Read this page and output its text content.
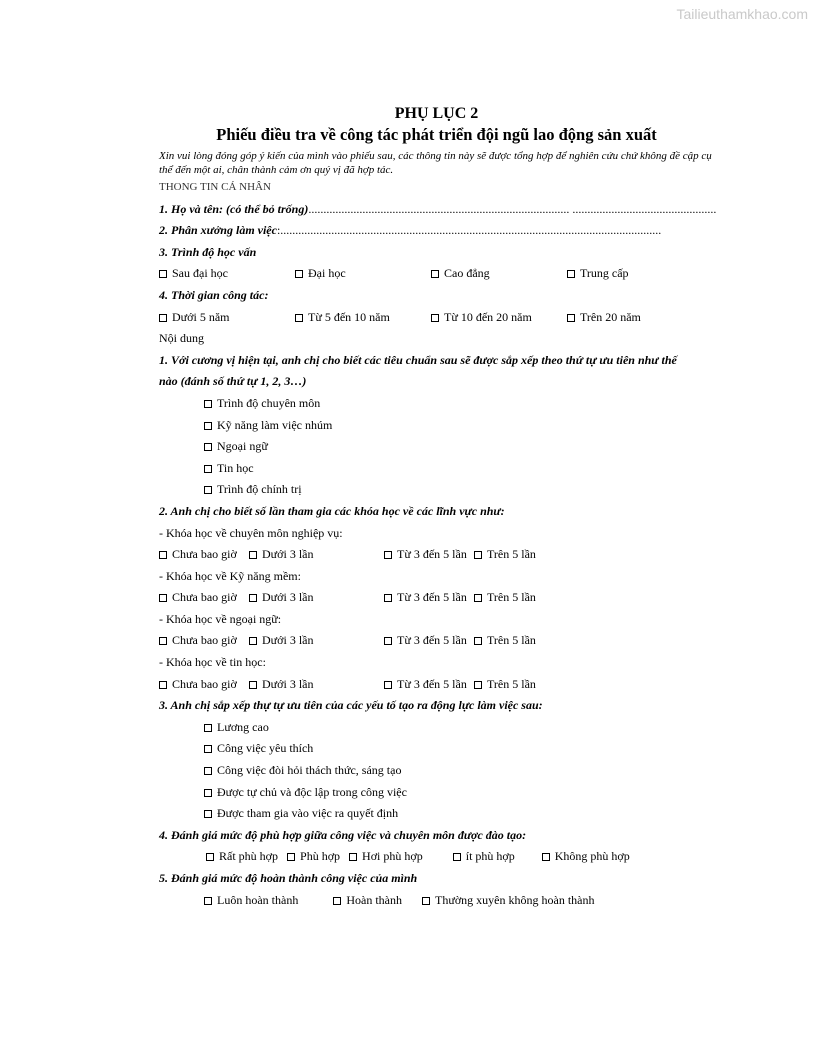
Tailieuthamkhao.com
PHỤ LỤC 2
Phiếu điều tra về công tác phát triển đội ngũ lao động sản xuất
Xin vui lòng đóng góp ý kiến của mình vào phiếu sau, các thông tin này sẽ được tổng hợp để nghiên cứu chứ không đề cập cụ thể đến một ai, chân thành cảm ơn quý vị đã hợp tác.
THONG TIN CÁ NHÂN
1. Họ và tên: (có thể bỏ trống)....................................................................................... ................................................
2. Phân xưởng làm việc:...............................................................................................................................
3. Trình độ học vấn
Sau đại học	Đại học	Cao đẳng	Trung cấp
4. Thời gian công tác:
Dưới 5 năm	Từ 5 đến 10 năm	Từ 10 đến 20 năm	Trên 20 năm
Nội dung
1. Với cương vị hiện tại, anh chị cho biết các tiêu chuẩn sau sẽ được sắp xếp theo thứ tự ưu tiên như thế
nào (đánh số thứ tự 1, 2, 3…)
Trình độ chuyên môn
Kỹ năng làm việc nhúm
Ngoại ngữ
Tin học
Trình độ chính trị
2. Anh chị cho biết số lần tham gia các khóa học về các lĩnh vực như:
- Khóa học về chuyên môn nghiệp vụ:
Chưa bao giờ Dưới 3 lần	Từ 3 đến 5 lần Trên 5 lần
- Khóa học về Kỹ năng mềm:
Chưa bao giờ Dưới 3 lần	Từ 3 đến 5 lần Trên 5 lần
- Khóa học về ngoại ngữ:
Chưa bao giờ Dưới 3 lần	Từ 3 đến 5 lần Trên 5 lần
- Khóa học về tin học:
Chưa bao giờ Dưới 3 lần	Từ 3 đến 5 lần Trên 5 lần
3. Anh chị sắp xếp thự tự ưu tiên của các yếu tố tạo ra động lực làm việc sau:
Lương cao
Công việc yêu thích
Công việc đòi hỏi thách thức, sáng tạo
Được tự chủ và độc lập trong công việc
Được tham gia vào việc ra quyết định
4. Đánh giá mức độ phù hợp giữa công việc và chuyên môn được đào tạo:
Rất phù hợp Phù hợp Hơi phù hợp	ít phù hợp	Không phù hợp
5. Đánh giá mức độ hoàn thành công việc của mình
Luôn hoàn thành	Hoàn thành	Thường xuyên không hoàn thành
